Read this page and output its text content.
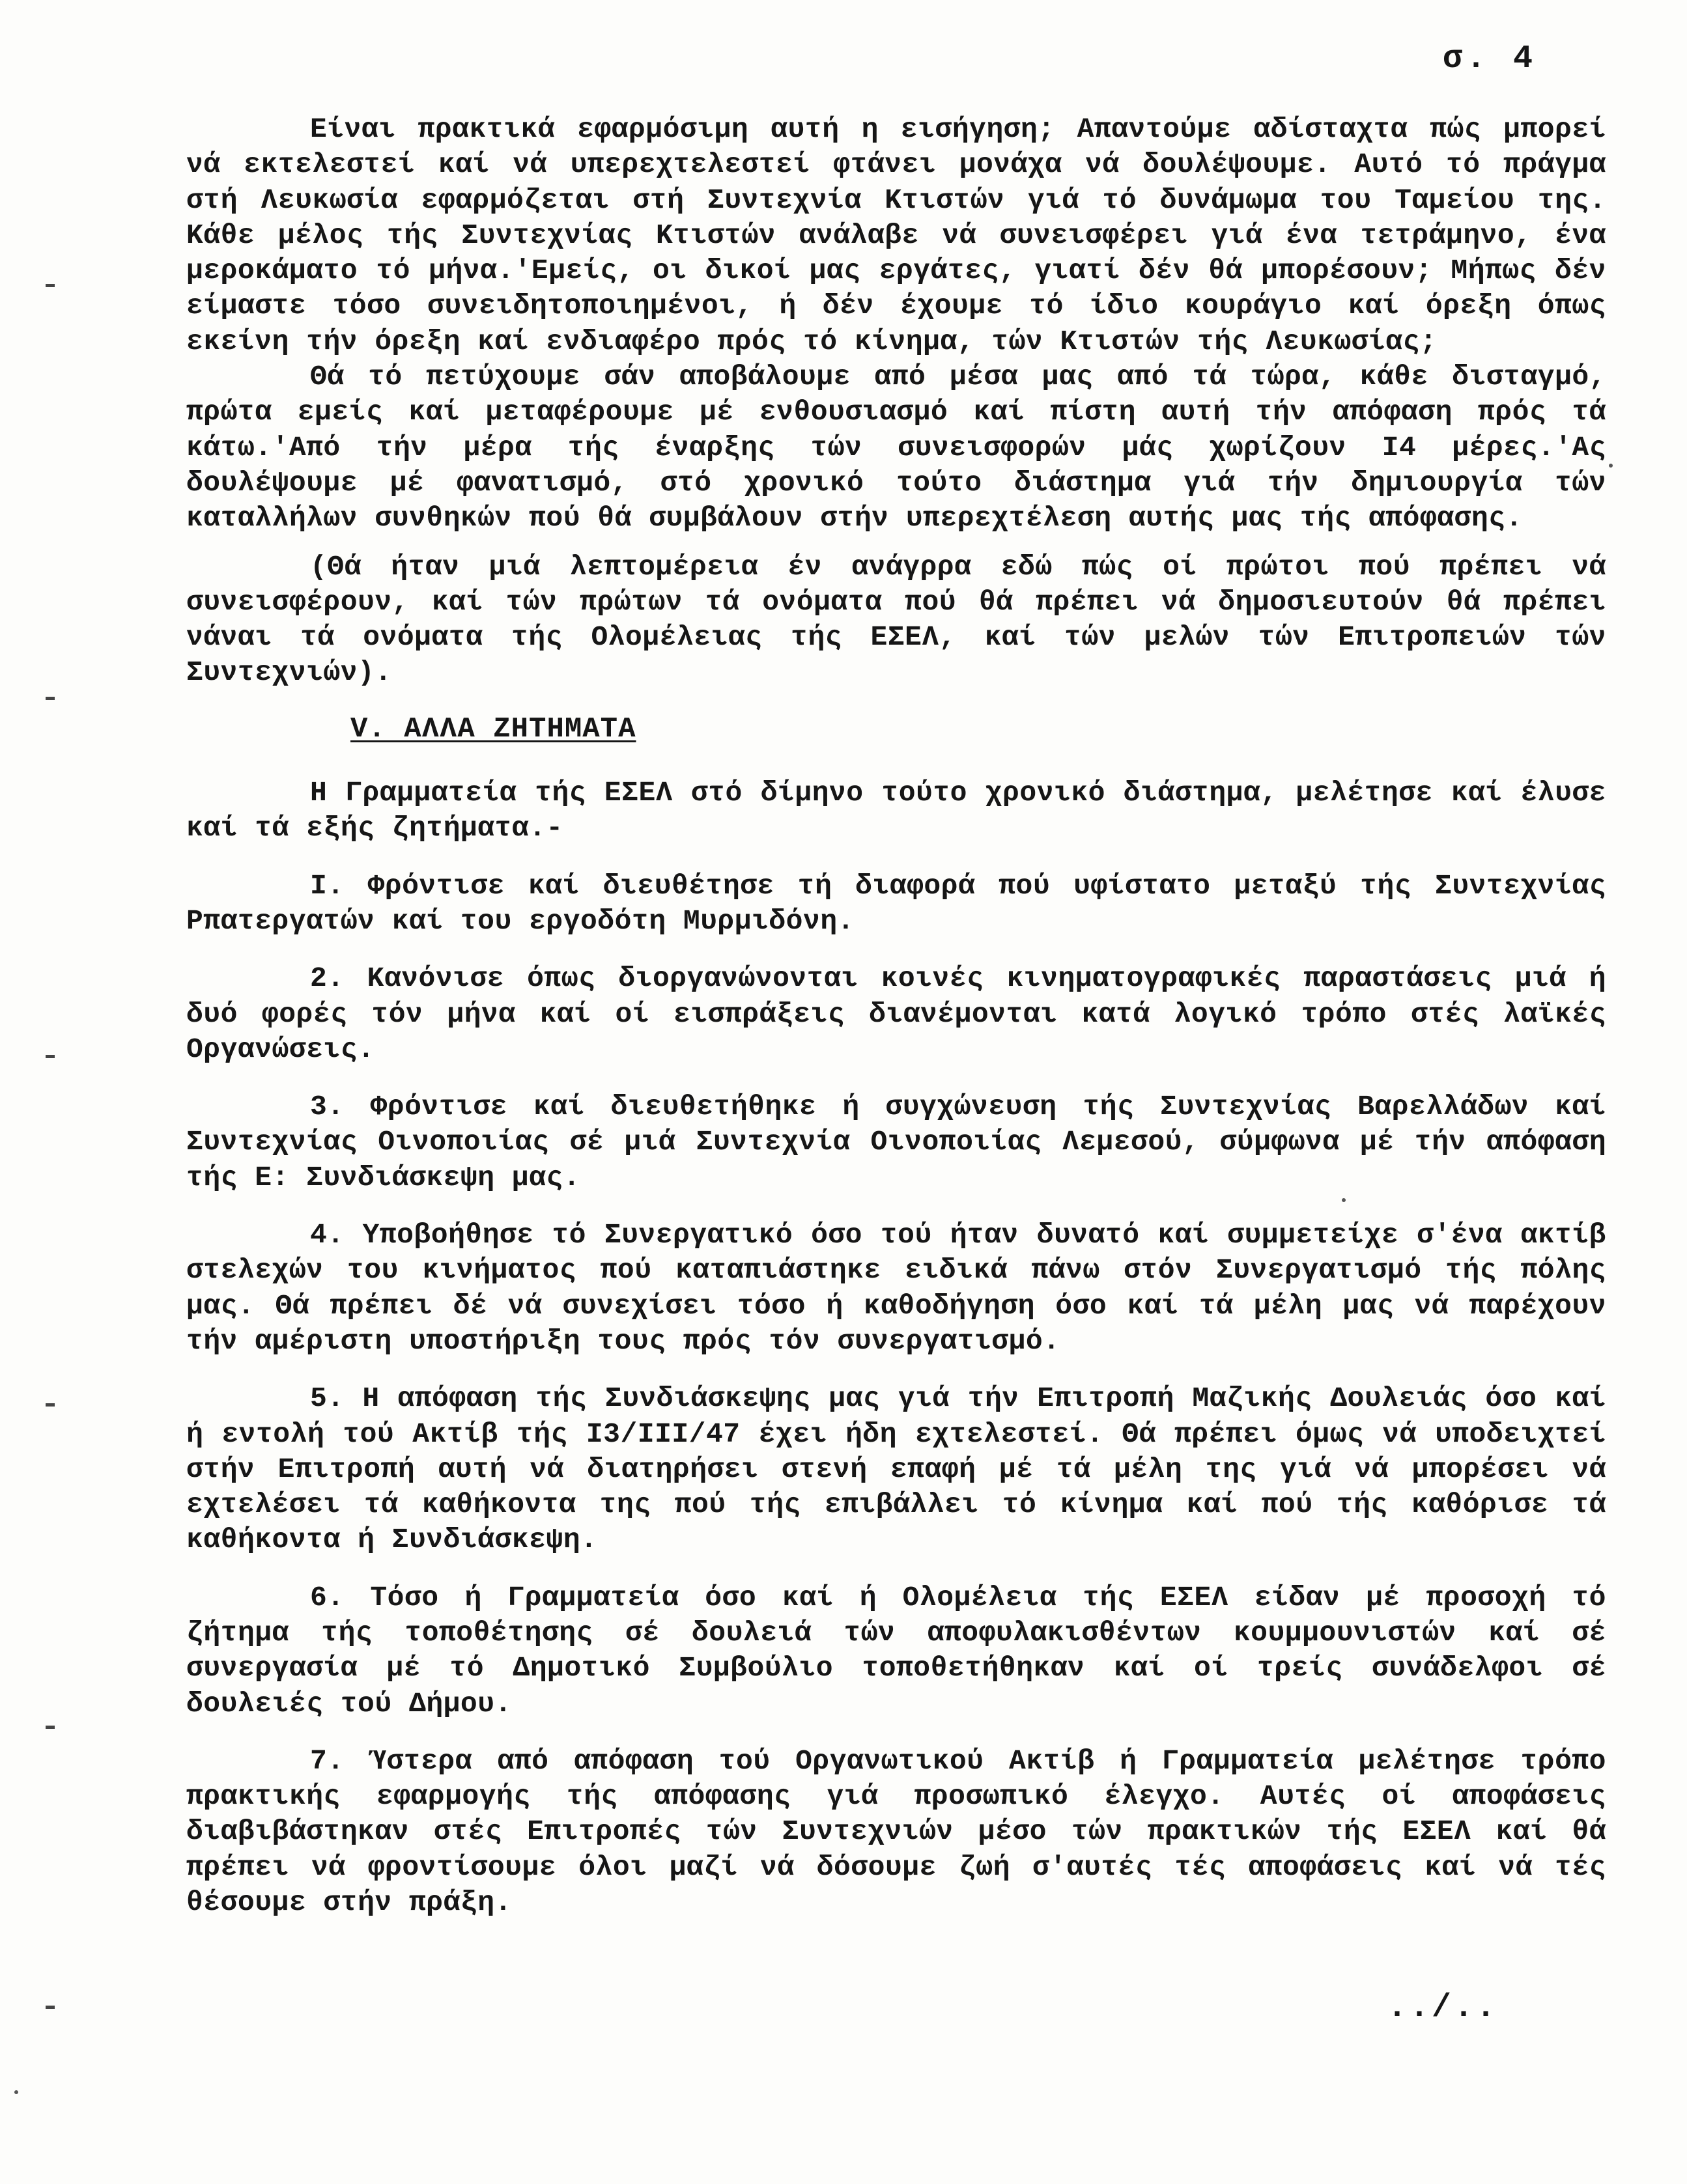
σ. 4

Είναι πρακτικά εφαρμόσιμη αυτή η εισήγηση; Απαντούμε αδίσταχτα πώς μπορεί νά εκτελεστεί καί νά υπερεχτελεστεί φτάνει μονάχα νά δουλέψουμε. Αυτό τό πράγμα στή Λευκωσία εφαρμόζεται στή Συντεχνία Κτιστών γιά τό δυνάμωμα του Ταμείου της. Κάθε μέλος τής Συντεχνίας Κτιστών ανάλαβε νά συνεισφέρει γιά ένα τετράμηνο, ένα μεροκάματο τό μήνα.'Εμείς, οι δικοί μας εργάτες, γιατί δέν θά μπορέσουν; Μήπως δέν είμαστε τόσο συνειδητοποιημένοι, ή δέν έχουμε τό ίδιο κουράγιο καί όρεξη όπως εκείνη τήν όρεξη καί ενδιαφέρο πρός τό κίνημα, τών Κτιστών τής Λευκωσίας;

Θά τό πετύχουμε σάν αποβάλουμε από μέσα μας από τά τώρα, κάθε δισταγμό, πρώτα εμείς καί μεταφέρουμε μέ ενθουσιασμό καί πίστη αυτή τήν απόφαση πρός τά κάτω.'Από τήν μέρα τής έναρξης τών συνεισφορών μάς χωρίζουν Ι4 μέρες.'Ας δουλέψουμε μέ φανατισμό, στό χρονικό τούτο διάστημα γιά τήν δημιουργία τών καταλλήλων συνθηκών πού θά συμβάλουν στήν υπερεχτέλεση αυτής μας τής απόφασης.

(Θά ήταν μιά λεπτομέρεια έν ανάγρρα εδώ πώς οί πρώτοι πού πρέπει νά συνεισφέρουν, καί τών πρώτων τά ονόματα πού θά πρέπει νά δημοσιευτούν θά πρέπει νάναι τά ονόματα τής Ολομέλειας τής ΕΣΕΛ, καί τών μελών τών Επιτροπειών τών Συντεχνιών).

V. ΑΛΛΑ ΖΗΤΗΜΑΤΑ

Η Γραμματεία τής ΕΣΕΛ στό δίμηνο τούτο χρονικό διάστημα, μελέτησε καί έλυσε καί τά εξής ζητήματα.-

Ι. Φρόντισε καί διευθέτησε τή διαφορά πού υφίστατο μεταξύ τής Συντεχνίας Ρπατεργατών καί του εργοδότη Μυρμιδόνη.

2. Κανόνισε όπως διοργανώνονται κοινές κινηματογραφικές παραστάσεις μιά ή δυό φορές τόν μήνα καί οί εισπράξεις διανέμονται κατά λογικό τρόπο στές λαϊκές Οργανώσεις.

3. Φρόντισε καί διευθετήθηκε ή συγχώνευση τής Συντεχνίας Βαρελλάδων καί Συντεχνίας Οινοποιίας σέ μιά Συντεχνία Οινοποιίας Λεμεσού, σύμφωνα μέ τήν απόφαση τής Ε: Συνδιάσκεψη μας.

4. Υποβοήθησε τό Συνεργατικό όσο τού ήταν δυνατό καί συμμετείχε σ'ένα ακτίβ στελεχών του κινήματος πού καταπιάστηκε ειδικά πάνω στόν Συνεργατισμό τής πόλης μας. Θά πρέπει δέ νά συνεχίσει τόσο ή καθοδήγηση όσο καί τά μέλη μας νά παρέχουν τήν αμέριστη υποστήριξη τους πρός τόν συνεργατισμό.

5. Η απόφαση τής Συνδιάσκεψης μας γιά τήν Επιτροπή Μαζικής Δουλειάς όσο καί ή εντολή τού Ακτίβ τής Ι3/ΙΙΙ/47 έχει ήδη εχτελεστεί. Θά πρέπει όμως νά υποδειχτεί στήν Επιτροπή αυτή νά διατηρήσει στενή επαφή μέ τά μέλη της γιά νά μπορέσει νά εχτελέσει τά καθήκοντα της πού τής επιβάλλει τό κίνημα καί πού τής καθόρισε τά καθήκοντα ή Συνδιάσκεψη.

6. Τόσο ή Γραμματεία όσο καί ή Ολομέλεια τής ΕΣΕΛ είδαν μέ προσοχή τό ζήτημα τής τοποθέτησης σέ δουλειά τών αποφυλακισθέντων κουμμουνιστών καί σέ συνεργασία μέ τό Δημοτικό Συμβούλιο τοποθετήθηκαν καί οί τρείς συνάδελφοι σέ δουλειές τού Δήμου.

7. Ύστερα από απόφαση τού Οργανωτικού Ακτίβ ή Γραμματεία μελέτησε τρόπο πρακτικής εφαρμογής τής απόφασης γιά προσωπικό έλεγχο. Αυτές οί αποφάσεις διαβιβάστηκαν στές Επιτροπές τών Συντεχνιών μέσο τών πρακτικών τής ΕΣΕΛ καί θά πρέπει νά φροντίσουμε όλοι μαζί νά δόσουμε ζωή σ'αυτές τές αποφάσεις καί νά τές θέσουμε στήν πράξη.

../..
